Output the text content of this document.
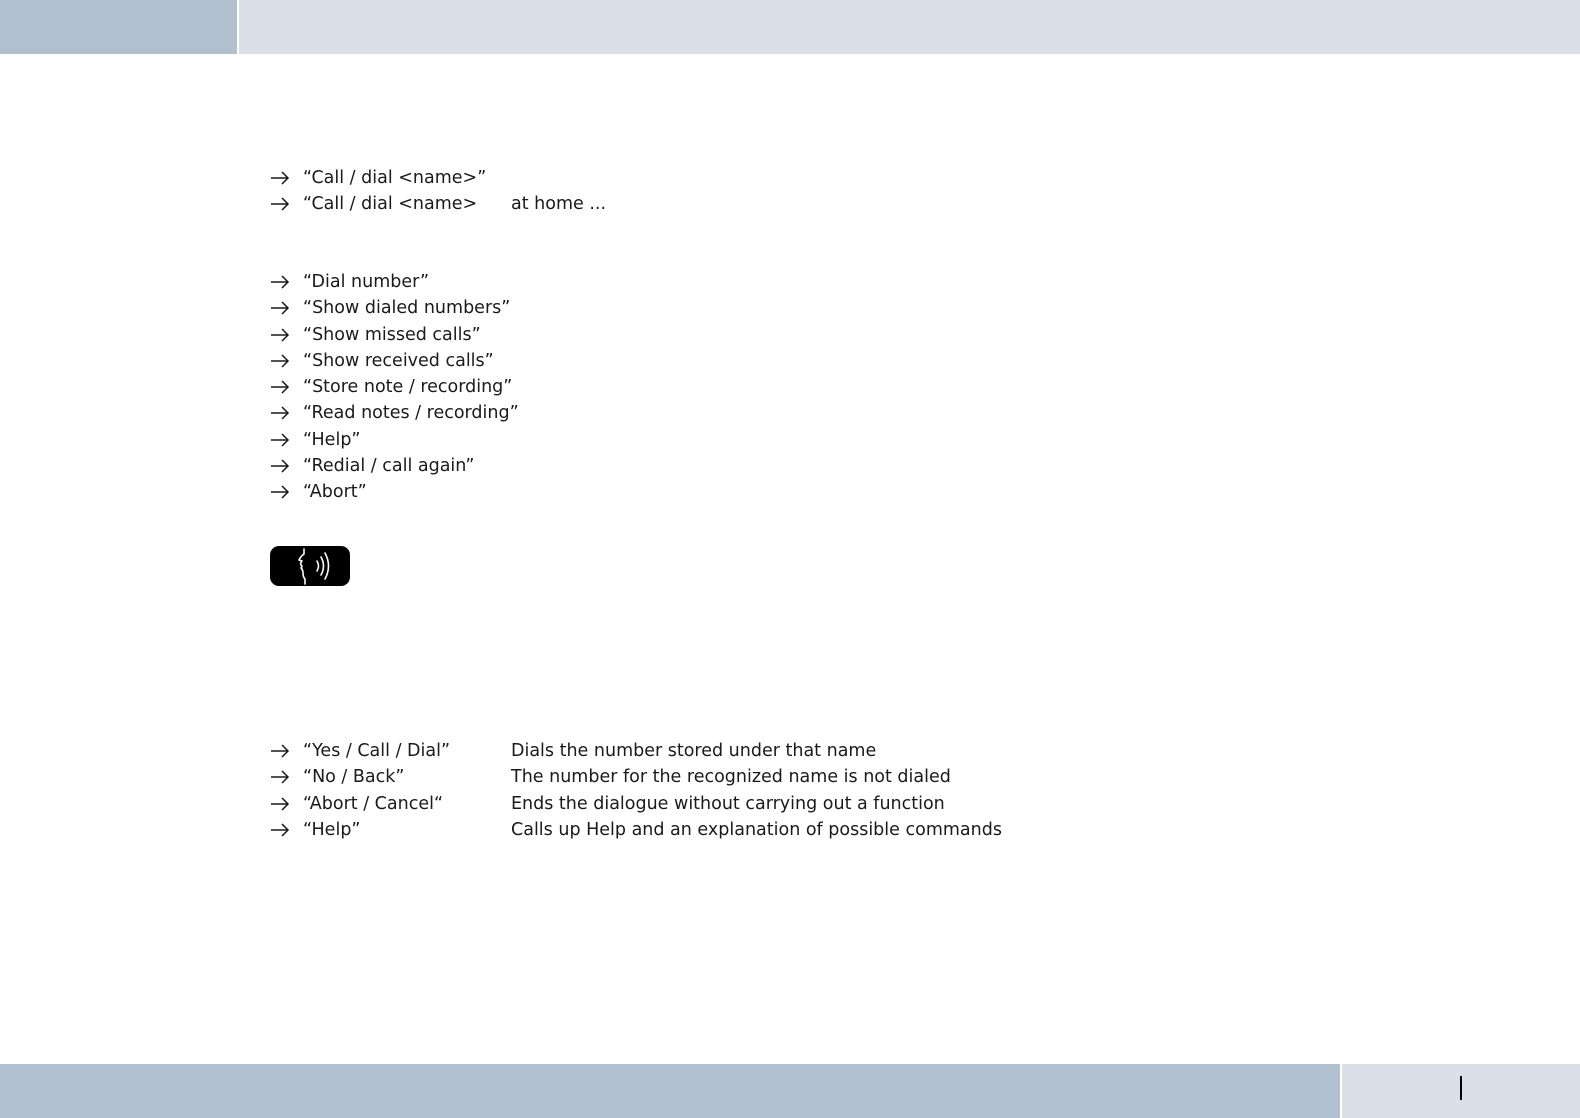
“Call / dial <name>”
“Call / dial <name> at home ...
“Dial number”
“Show dialed numbers”
“Show missed calls”
“Show received calls”
“Store note / recording”
“Read notes / recording”
“Help”
“Redial / call again”
“Abort”
“Yes / Call / Dial”	Dials the number stored under that name
“No / Back”	The number for the recognized name is not dialed
“Abort / Cancel“	Ends the dialogue without carrying out a function
“Help”	Calls up Help and an explanation of possible commands
